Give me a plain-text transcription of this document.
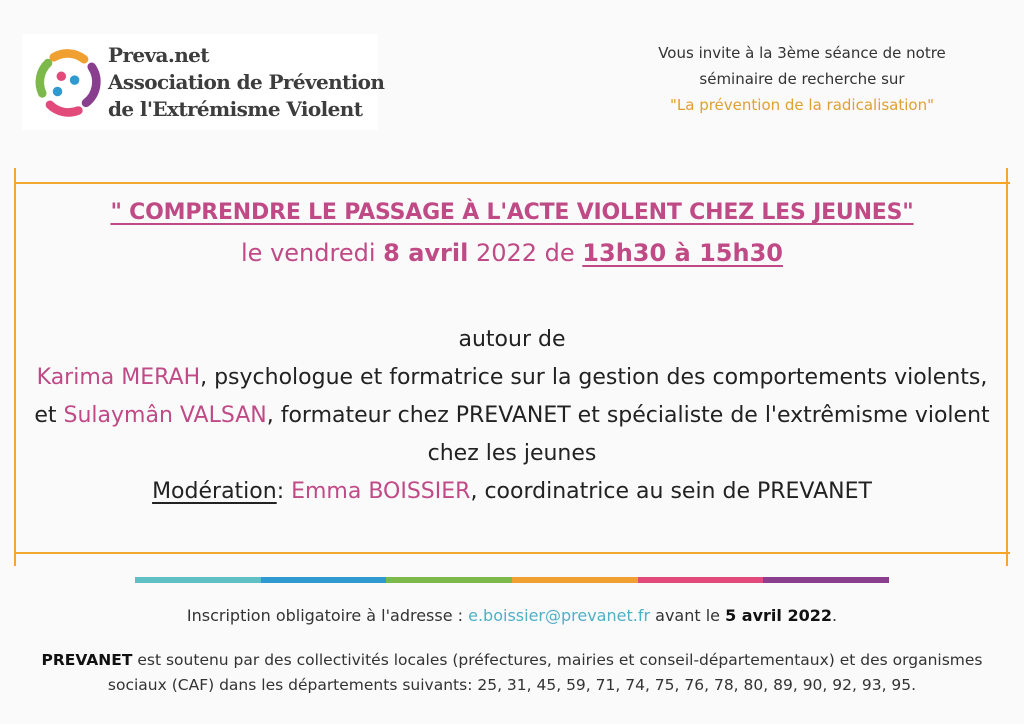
Preva.net
Association de Prévention
de l'Extrémisme Violent
Vous invite à la 3ème séance de notre
séminaire de recherche sur
"La prévention de la radicalisation"
" COMPRENDRE LE PASSAGE À L'ACTE VIOLENT CHEZ LES JEUNES"
le vendredi 8 avril 2022 de 13h30 à 15h30
autour de
Karima MERAH, psychologue et formatrice sur la gestion des comportements violents,
et Sulaymân VALSAN, formateur chez PREVANET et spécialiste de l'extrêmisme violent chez les jeunes
Modération: Emma BOISSIER, coordinatrice au sein de PREVANET
Inscription obligatoire à l'adresse : e.boissier@prevanet.fr avant le 5 avril 2022.
PREVANET est soutenu par des collectivités locales (préfectures, mairies et conseil-départementaux) et des organismes sociaux (CAF) dans les départements suivants: 25, 31, 45, 59, 71, 74, 75, 76, 78, 80, 89, 90, 92, 93, 95.
